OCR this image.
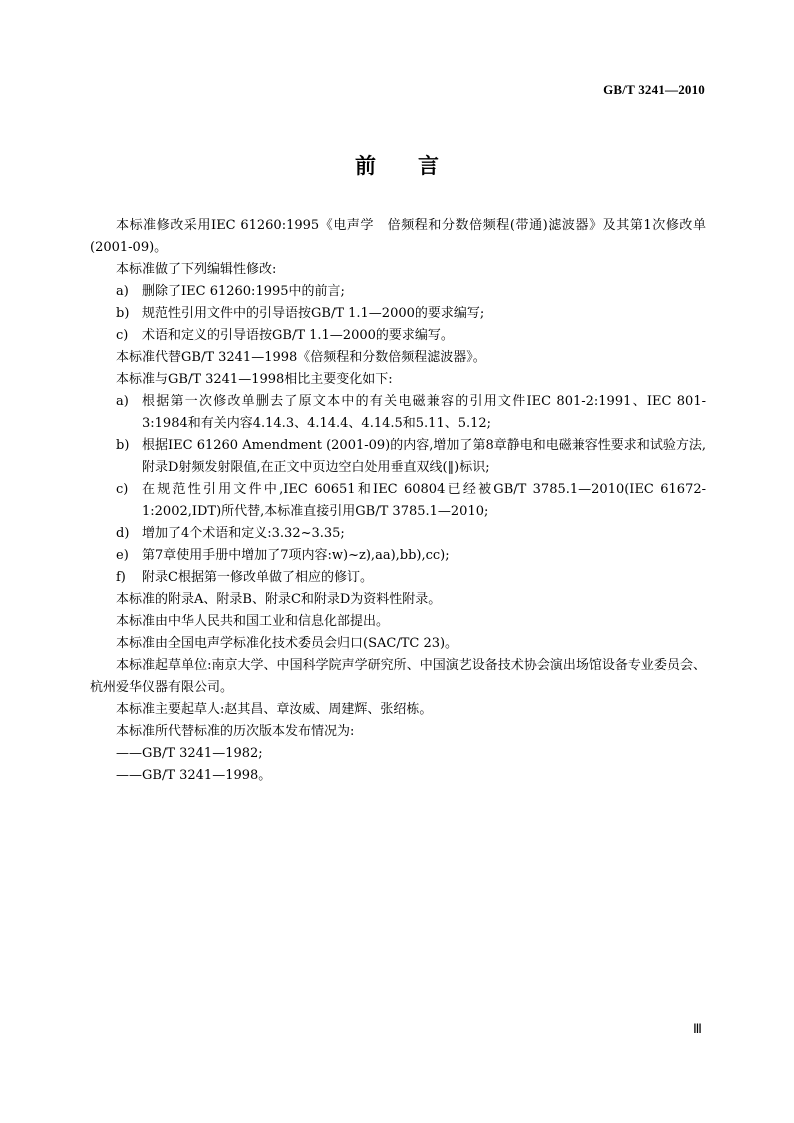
GB/T 3241—2010
前言

本标准修改采用IEC 61260:1995《电声学　倍频程和分数倍频程(带通)滤波器》及其第1次修改单(2001-09)。

本标准做了下列编辑性修改:

a) 删除了IEC 61260:1995中的前言;
b) 规范性引用文件中的引导语按GB/T 1.1—2000的要求编写;
c) 术语和定义的引导语按GB/T 1.1—2000的要求编写。

本标准代替GB/T 3241—1998《倍频程和分数倍频程滤波器》。

本标准与GB/T 3241—1998相比主要变化如下:

a) 根据第一次修改单删去了原文本中的有关电磁兼容的引用文件IEC 801-2:1991、IEC 801-3:1984和有关内容4.14.3、4.14.4、4.14.5和5.11、5.12;
b) 根据IEC 61260 Amendment (2001-09)的内容,增加了第8章静电和电磁兼容性要求和试验方法,附录D射频发射限值,在正文中页边空白处用垂直双线(‖)标识;
c) 在规范性引用文件中,IEC 60651和IEC 60804已经被GB/T 3785.1—2010(IEC 61672-1:2002,IDT)所代替,本标准直接引用GB/T 3785.1—2010;
d) 增加了4个术语和定义:3.32~3.35;
e) 第7章使用手册中增加了7项内容:w)~z),aa),bb),cc);
f) 附录C根据第一修改单做了相应的修订。

本标准的附录A、附录B、附录C和附录D为资料性附录。

本标准由中华人民共和国工业和信息化部提出。

本标准由全国电声学标准化技术委员会归口(SAC/TC 23)。

本标准起草单位:南京大学、中国科学院声学研究所、中国演艺设备技术协会演出场馆设备专业委员会、杭州爱华仪器有限公司。

本标准主要起草人:赵其昌、章汝威、周建辉、张绍栋。

本标准所代替标准的历次版本发布情况为:

——GB/T 3241—1982;

——GB/T 3241—1998。

Ⅲ
